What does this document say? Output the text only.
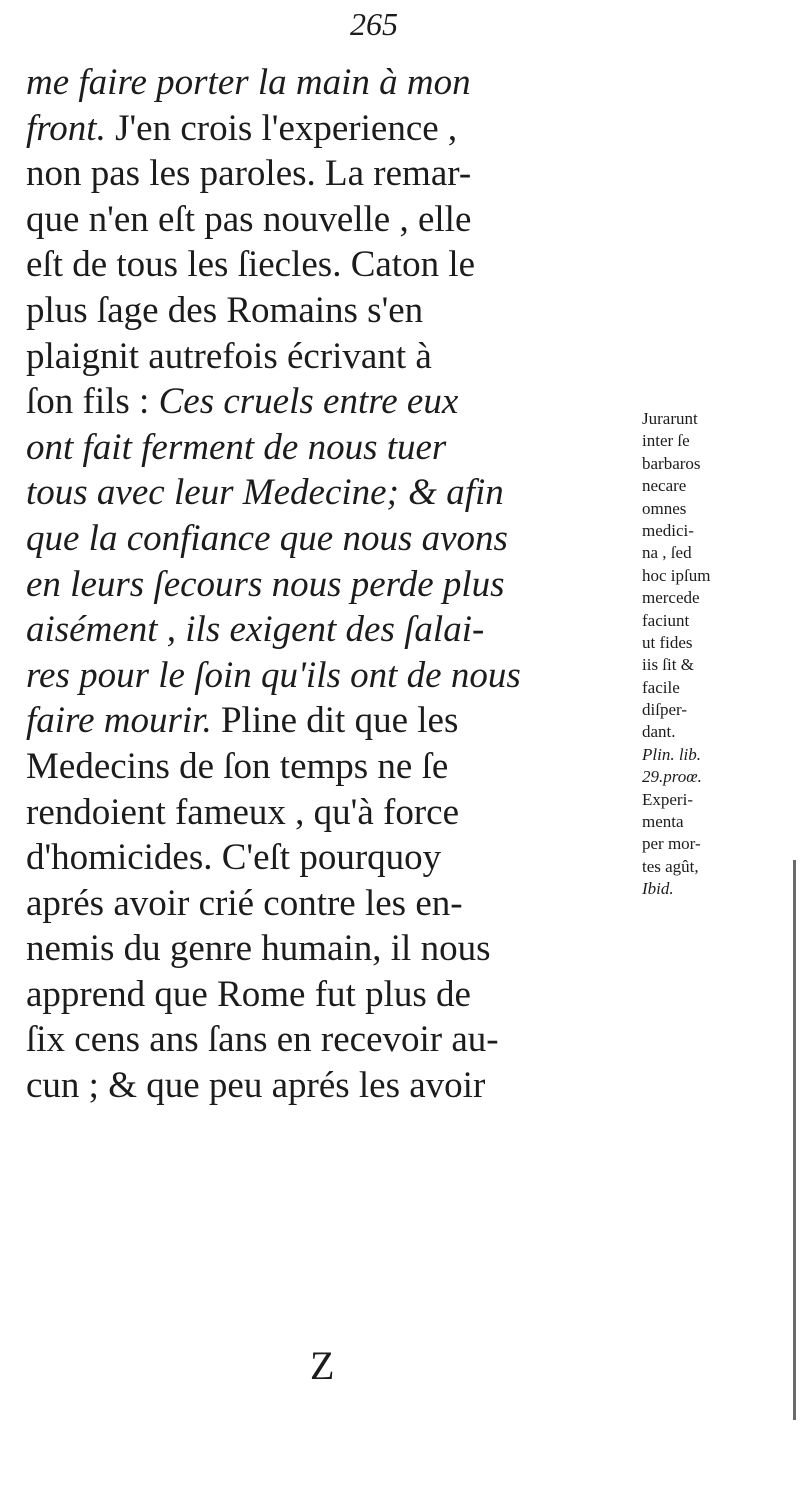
265
me faire porter la main à mon
front. J'en crois l'experience ,
non pas les paroles. La remar-
que n'en eſt pas nouvelle , elle
eſt de tous les ſiecles. Caton le
plus ſage des Romains s'en
plaignit autrefois écrivant à
ſon fils : Ces cruels entre eux
ont fait ferment de nous tuer
tous avec leur Medecine; & afin
que la confiance que nous avons
en leurs ſecours nous perde plus
aisément , ils exigent des ſalai-
res pour le ſoin qu'ils ont de nous
faire mourir. Pline dit que les
Medecins de ſon temps ne ſe
rendoient fameux , qu'à force
d'homicides. C'eſt pourquoy
aprés avoir crié contre les en-
nemis du genre humain, il nous
apprend que Rome fut plus de
ſix cens ans ſans en recevoir au-
cun ; & que peu aprés les avoir
Jurarunt
inter ſe
barbaros
necare
omnes
medici-
na , ſed
hoc ipſum
mercede
faciunt
ut fides
iis ſit &
facile
diſper-
dant.
Plin. lib.
29.proœ.
Experi-
menta
per mor-
tes agût,
Ibid.
Z
